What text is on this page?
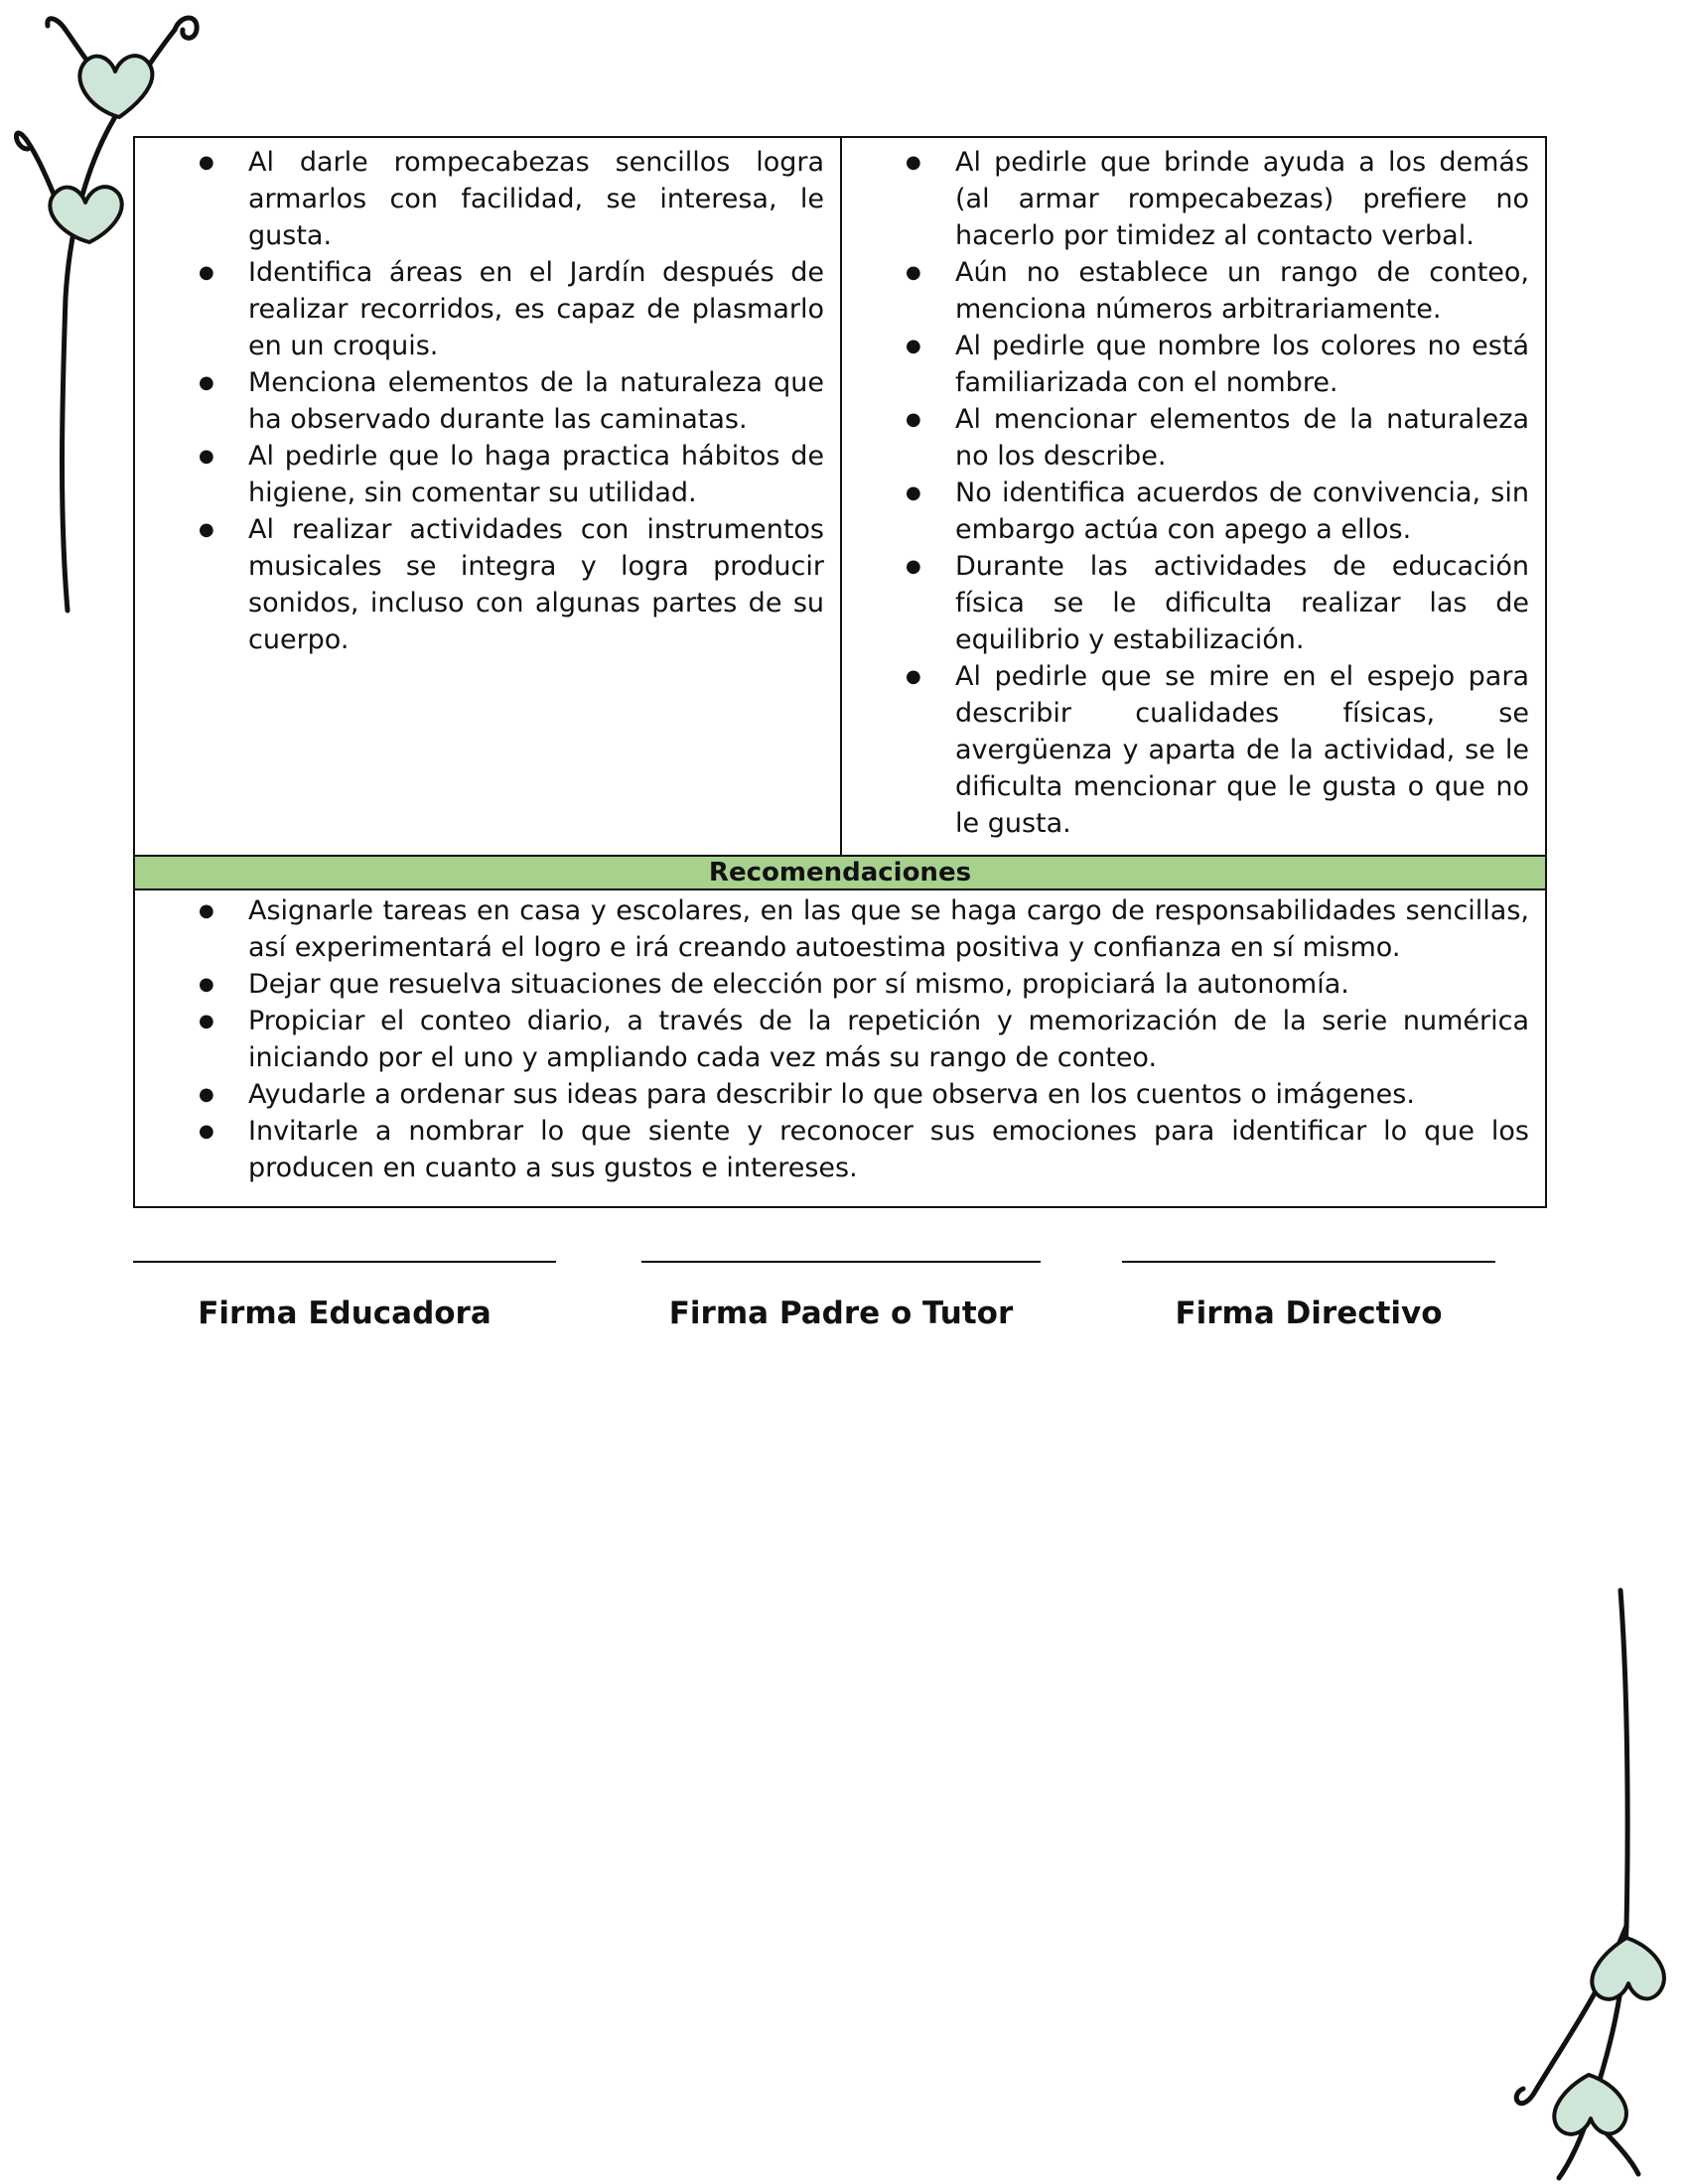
● Al darle rompecabezas sencillos logra armarlos con facilidad, se interesa, le gusta.
● Identifica áreas en el Jardín después de realizar recorridos, es capaz de plasmarlo en un croquis.
● Menciona elementos de la naturaleza que ha observado durante las caminatas.
● Al pedirle que lo haga practica hábitos de higiene, sin comentar su utilidad.
● Al realizar actividades con instrumentos musicales se integra y logra producir sonidos, incluso con algunas partes de su cuerpo.
● Al pedirle que brinde ayuda a los demás (al armar rompecabezas) prefiere no hacerlo por timidez al contacto verbal.
● Aún no establece un rango de conteo, menciona números arbitrariamente.
● Al pedirle que nombre los colores no está familiarizada con el nombre.
● Al mencionar elementos de la naturaleza no los describe.
● No identifica acuerdos de convivencia, sin embargo actúa con apego a ellos.
● Durante las actividades de educación física se le dificulta realizar las de equilibrio y estabilización.
● Al pedirle que se mire en el espejo para describir cualidades físicas, se avergüenza y aparta de la actividad, se le dificulta mencionar que le gusta o que no le gusta.
Recomendaciones
● Asignarle tareas en casa y escolares, en las que se haga cargo de responsabilidades sencillas, así experimentará el logro e irá creando autoestima positiva y confianza en sí mismo.
● Dejar que resuelva situaciones de elección por sí mismo, propiciará la autonomía.
● Propiciar el conteo diario, a través de la repetición y memorización de la serie numérica iniciando por el uno y ampliando cada vez más su rango de conteo.
● Ayudarle a ordenar sus ideas para describir lo que observa en los cuentos o imágenes.
● Invitarle a nombrar lo que siente y reconocer sus emociones para identificar lo que los producen en cuanto a sus gustos e intereses.
Firma Educadora	Firma Padre o Tutor	Firma Directivo
